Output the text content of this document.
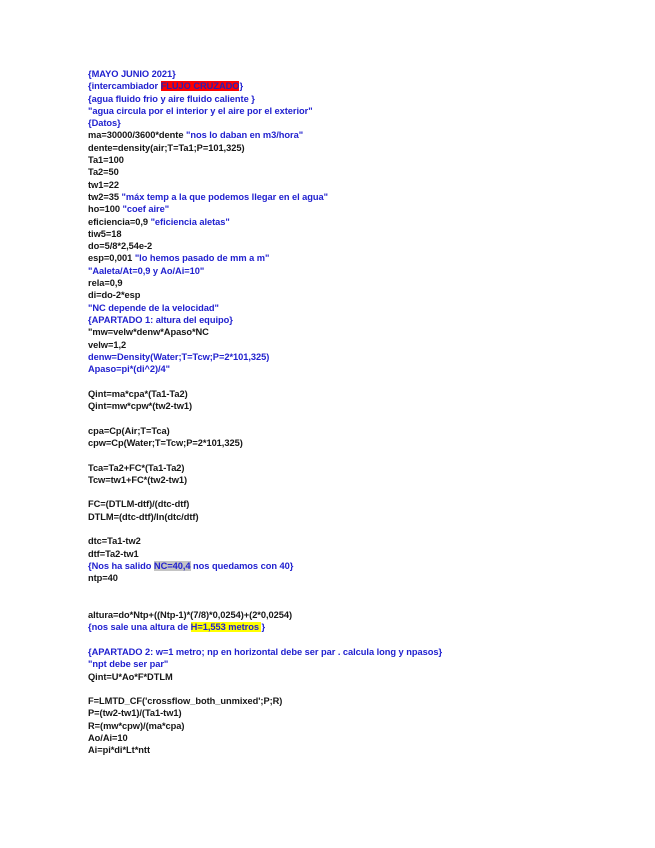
{MAYO JUNIO 2021}
{intercambiador FLUJO CRUZADO}
{agua fluido frio y aire fluido caliente }
"agua circula por el interior y el aire por el exterior"
{Datos}
ma=30000/3600*dente "nos lo daban en m3/hora"
dente=density(air;T=Ta1;P=101,325)
Ta1=100
Ta2=50
tw1=22
tw2=35 "máx temp a la que podemos llegar en el agua"
ho=100 "coef aire"
eficiencia=0,9 "eficiencia aletas"
tiw5=18
do=5/8*2,54e-2
esp=0,001 "lo hemos pasado de mm a m"
"Aaleta/At=0,9 y Ao/Ai=10"
rela=0,9
di=do-2*esp
"NC depende de la velocidad"
{APARTADO 1: altura del equipo}
"mw=velw*denw*Apaso*NC
velw=1,2
denw=Density(Water;T=Tcw;P=2*101,325)
Apaso=pi*(di^2)/4"

Qint=ma*cpa*(Ta1-Ta2)
Qint=mw*cpw*(tw2-tw1)

cpa=Cp(Air;T=Tca)
cpw=Cp(Water;T=Tcw;P=2*101,325)

Tca=Ta2+FC*(Ta1-Ta2)
Tcw=tw1+FC*(tw2-tw1)

FC=(DTLM-dtf)/(dtc-dtf)
DTLM=(dtc-dtf)/ln(dtc/dtf)

dtc=Ta1-tw2
dtf=Ta2-tw1
{Nos ha salido NC=40,4 nos quedamos con 40}
ntp=40

altura=do*Ntp+((Ntp-1)*(7/8)*0,0254)+(2*0,0254)
{nos sale una altura de H=1,553 metros }

{APARTADO 2: w=1 metro; np en horizontal debe ser par . calcula long y npasos}
"npt debe ser par"
Qint=U*Ao*F*DTLM

F=LMTD_CF('crossflow_both_unmixed';P;R)
P=(tw2-tw1)/(Ta1-tw1)
R=(mw*cpw)/(ma*cpa)
Ao/Ai=10
Ai=pi*di*Lt*ntt
